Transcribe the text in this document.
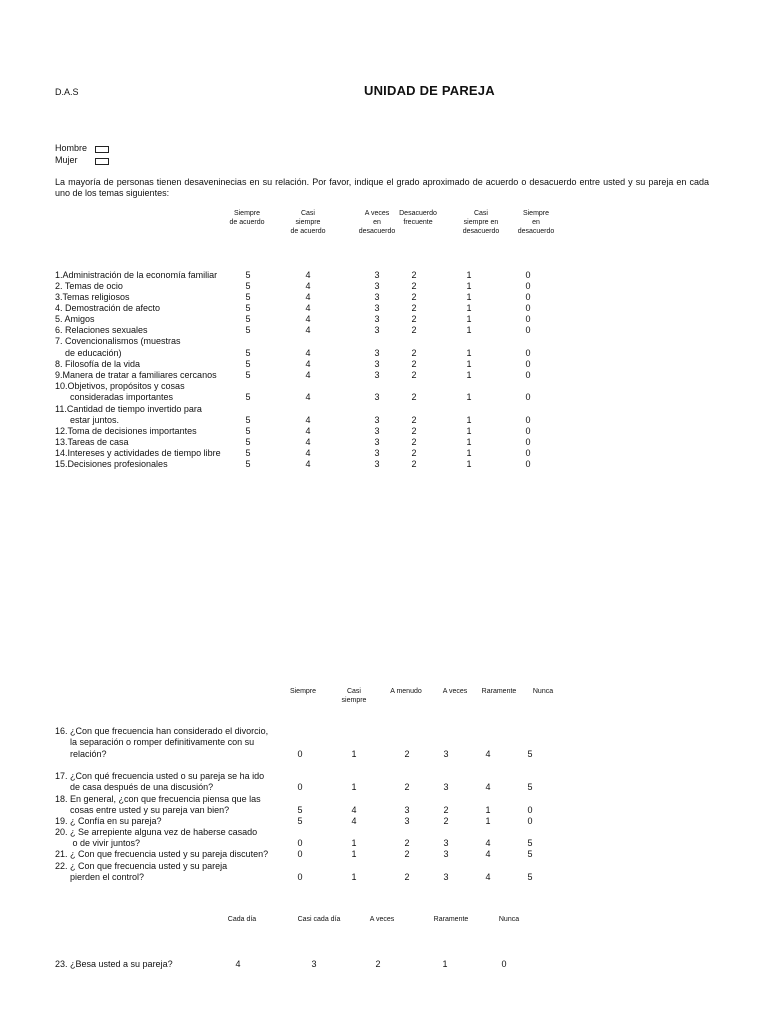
D.A.S	UNIDAD DE PAREJA
Hombre
Mujer
La mayoría de personas tienen desaveninecias en su relación. Por favor, indique el grado aproximado de acuerdo o desacuerdo entre usted y su pareja en cada uno de los temas siguientes:
Siempre
de acuerdo
Casi
siempre
de acuerdo
A veces
en
desacuerdo
Desacuerdo
frecuente
Casi
siempre en
desacuerdo
Siempre
en
desacuerdo
1.Administración de la economía familiar	5	4	3	2	1	0
2. Temas de ocio	5	4	3	2	1	0
3.Temas religiosos	5	4	3	2	1	0
4. Demostración de afecto	5	4	3	2	1	0
5. Amigos	5	4	3	2	1	0
6. Relaciones sexuales	5	4	3	2	1	0
7. Covencionalismos (muestras
de educación)	5	4	3	2	1	0
8. Filosofía de la vida	5	4	3	2	1	0
9.Manera de tratar a familiares cercanos	5	4	3	2	1	0
10.Objetivos, propósitos y cosas
consideradas importantes	5	4	3	2	1	0
11.Cantidad de tiempo invertido para
estar juntos.	5	4	3	2	1	0
12.Toma de decisiones importantes	5	4	3	2	1	0
13.Tareas de casa	5	4	3	2	1	0
14.Intereses y actividades de tiempo libre	5	4	3	2	1	0
15.Decisiones profesionales	5	4	3	2	1	0
Siempre	Casi
siempre
A menudo	A veces	Raramente	Nunca
16. ¿Con que frecuencia han considerado el divorcio,
la separación o romper definitivamente con su
relación?	0	1	2	3	4	5
17. ¿Con qué frecuencia usted o su pareja se ha ido
de casa después de una discusión?	0	1	2	3	4	5
18. En general, ¿con que frecuencia piensa que las
cosas entre usted y su pareja van bien?	5	4	3	2	1	0
19. ¿ Confía en su pareja?	5	4	3	2	1	0
20. ¿ Se arrepiente alguna vez de haberse casado
o de vivir juntos?	0	1	2	3	4	5
21. ¿ Con que frecuencia usted y su pareja discuten?	0	1	2	3	4	5
22. ¿ Con que frecuencia usted y su pareja
pierden el control?	0	1	2	3	4	5
Cada día	Casi cada día	A veces	Raramente	Nunca
23. ¿Besa usted a su pareja?	4	3	2	1	0
